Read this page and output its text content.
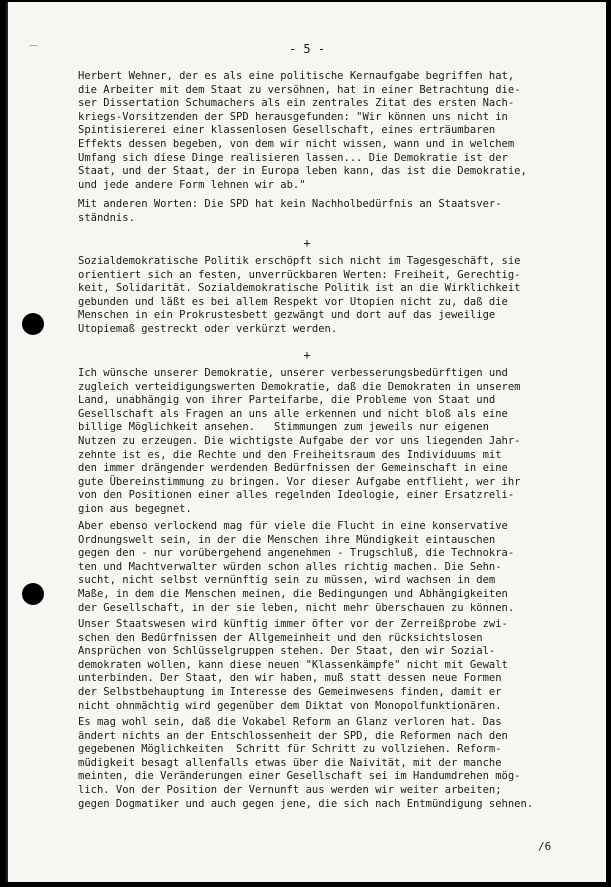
⁀	- 5 -
Herbert Wehner, der es als eine politische Kernaufgabe begriffen hat,
die Arbeiter mit dem Staat zu versöhnen, hat in einer Betrachtung die-
ser Dissertation Schumachers als ein zentrales Zitat des ersten Nach-
kriegs-Vorsitzenden der SPD herausgefunden: "Wir können uns nicht in
Spintisiererei einer klassenlosen Gesellschaft, eines erträumbaren
Effekts dessen begeben, von dem wir nicht wissen, wann und in welchem
Umfang sich diese Dinge realisieren lassen... Die Demokratie ist der
Staat, und der Staat, der in Europa leben kann, das ist die Demokratie,
und jede andere Form lehnen wir ab."
Mit anderen Worten: Die SPD hat kein Nachholbedürfnis an Staatsver-
ständnis.
+
Sozialdemokratische Politik erschöpft sich nicht im Tagesgeschäft, sie
orientiert sich an festen, unverrückbaren Werten: Freiheit, Gerechtig-
keit, Solidarität. Sozialdemokratische Politik ist an die Wirklichkeit
gebunden und läßt es bei allem Respekt vor Utopien nicht zu, daß die
Menschen in ein Prokrustesbett gezwängt und dort auf das jeweilige
Utopiemaß gestreckt oder verkürzt werden.
+
Ich wünsche unserer Demokratie, unserer verbesserungsbedürftigen und
zugleich verteidigungswerten Demokratie, daß die Demokraten in unserem
Land, unabhängig von ihrer Parteifarbe, die Probleme von Staat und
Gesellschaft als Fragen an uns alle erkennen und nicht bloß als eine
billige Möglichkeit ansehen.   Stimmungen zum jeweils nur eigenen
Nutzen zu erzeugen. Die wichtigste Aufgabe der vor uns liegenden Jahr-
zehnte ist es, die Rechte und den Freiheitsraum des Individuums mit
den immer drängender werdenden Bedürfnissen der Gemeinschaft in eine
gute Übereinstimmung zu bringen. Vor dieser Aufgabe entflieht, wer ihr
von den Positionen einer alles regelnden Ideologie, einer Ersatzreli-
gion aus begegnet.
Aber ebenso verlockend mag für viele die Flucht in eine konservative
Ordnungswelt sein, in der die Menschen ihre Mündigkeit eintauschen
gegen den - nur vorübergehend angenehmen - Trugschluß, die Technokra-
ten und Machtverwalter würden schon alles richtig machen. Die Sehn-
sucht, nicht selbst vernünftig sein zu müssen, wird wachsen in dem
Maße, in dem die Menschen meinen, die Bedingungen und Abhängigkeiten
der Gesellschaft, in der sie leben, nicht mehr überschauen zu können.
Unser Staatswesen wird künftig immer öfter vor der Zerreißprobe zwi-
schen den Bedürfnissen der Allgemeinheit und den rücksichtslosen
Ansprüchen von Schlüsselgruppen stehen. Der Staat, den wir Sozial-
demokraten wollen, kann diese neuen "Klassenkämpfe" nicht mit Gewalt
unterbinden. Der Staat, den wir haben, muß statt dessen neue Formen
der Selbstbehauptung im Interesse des Gemeinwesens finden, damit er
nicht ohnmächtig wird gegenüber dem Diktat von Monopolfunktionären.
Es mag wohl sein, daß die Vokabel Reform an Glanz verloren hat. Das
ändert nichts an der Entschlossenheit der SPD, die Reformen nach den
gegebenen Möglichkeiten  Schritt für Schritt zu vollziehen. Reform-
müdigkeit besagt allenfalls etwas über die Naivität, mit der manche
meinten, die Veränderungen einer Gesellschaft sei im Handumdrehen mög-
lich. Von der Position der Vernunft aus werden wir weiter arbeiten;
gegen Dogmatiker und auch gegen jene, die sich nach Entmündigung sehnen.
/6
